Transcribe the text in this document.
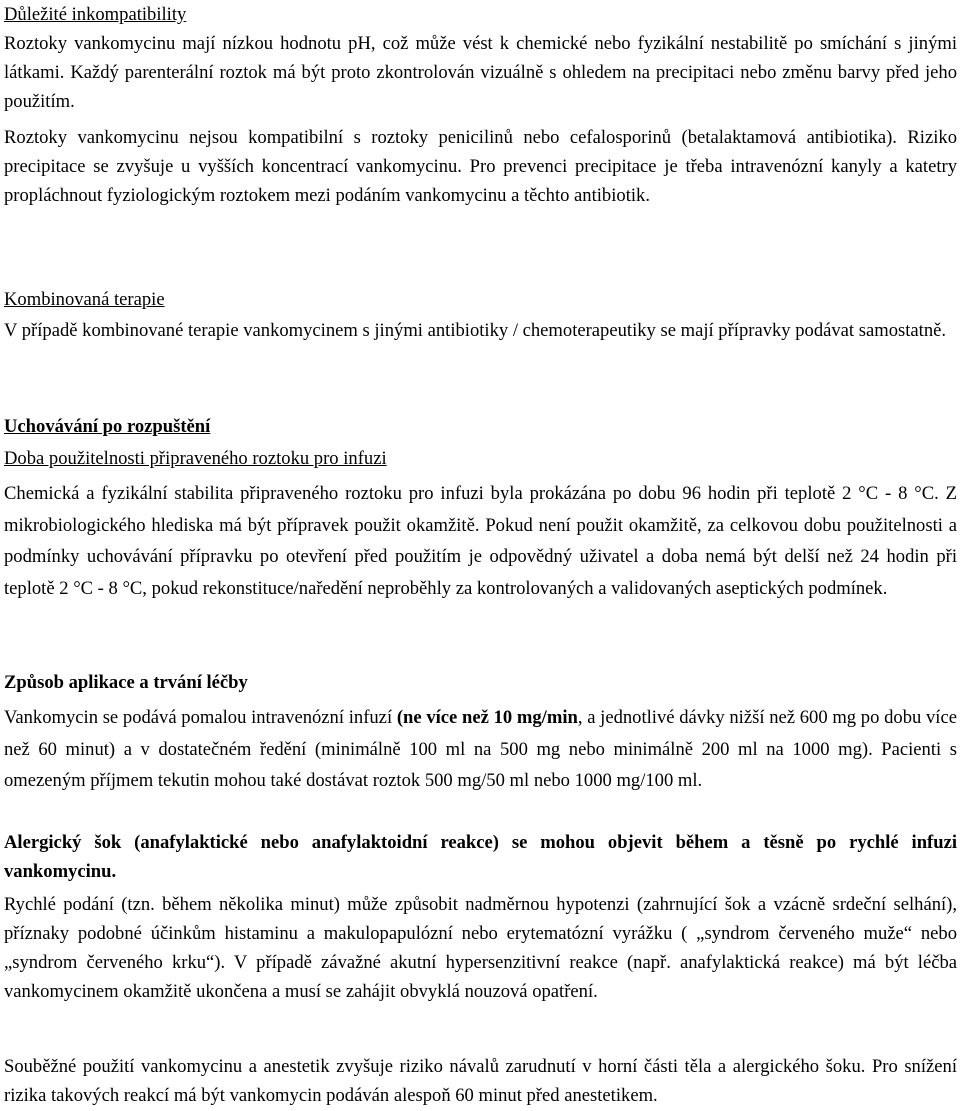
Důležité inkompatibility

Roztoky vankomycinu mají nízkou hodnotu pH, což může vést k chemické nebo fyzikální nestabilitě po smíchání s jinými látkami. Každý parenterální roztok má být proto zkontrolován vizuálně s ohledem na precipitaci nebo změnu barvy před jeho použitím.

Roztoky vankomycinu nejsou kompatibilní s roztoky penicilinů nebo cefalosporinů (betalaktamová antibiotika). Riziko precipitace se zvyšuje u vyšších koncentrací vankomycinu. Pro prevenci precipitace je třeba intravenózní kanyly a katetry propláchnout fyziologickým roztokem mezi podáním vankomycinu a těchto antibiotik.

Kombinovaná terapie

V případě kombinované terapie vankomycinem s jinými antibiotiky / chemoterapeutiky se mají přípravky podávat samostatně.

Uchovávání po rozpuštění
Doba použitelnosti připraveného roztoku pro infuzi

Chemická a fyzikální stabilita připraveného roztoku pro infuzi byla prokázána po dobu 96 hodin při teplotě 2 °C - 8 °C. Z mikrobiologického hlediska má být přípravek použit okamžitě. Pokud není použit okamžitě, za celkovou dobu použitelnosti a podmínky uchovávání přípravku po otevření před použitím je odpovědný uživatel a doba nemá být delší než 24 hodin při teplotě 2 °C - 8 °C, pokud rekonstituce/naředění neproběhly za kontrolovaných a validovaných aseptických podmínek.

Způsob aplikace a trvání léčby

Vankomycin se podává pomalou intravenózní infuzí (ne více než 10 mg/min, a jednotlivé dávky nižší než 600 mg po dobu více než 60 minut) a v dostatečném ředění (minimálně 100 ml na 500 mg nebo minimálně 200 ml na 1000 mg). Pacienti s omezeným příjmem tekutin mohou také dostávat roztok 500 mg/50 ml nebo 1000 mg/100 ml.

Alergický šok (anafylaktické nebo anafylaktoidní reakce) se mohou objevit během a těsně po rychlé infuzi vankomycinu.

Rychlé podání (tzn. během několika minut) může způsobit nadměrnou hypotenzi (zahrnující šok a vzácně srdeční selhání), příznaky podobné účinkům histaminu a makulopapulózní nebo erytematózní vyrážku ( „syndrom červeného muže“ nebo „syndrom červeného krku“). V případě závažné akutní hypersenzitivní reakce (např. anafylaktická reakce) má být léčba vankomycinem okamžitě ukončena a musí se zahájit obvyklá nouzová opatření.

Souběžné použití vankomycinu a anestetik zvyšuje riziko návalů zarudnutí v horní části těla a alergického šoku. Pro snížení rizika takových reakcí má být vankomycin podáván alespoň 60 minut před anestetikem.
